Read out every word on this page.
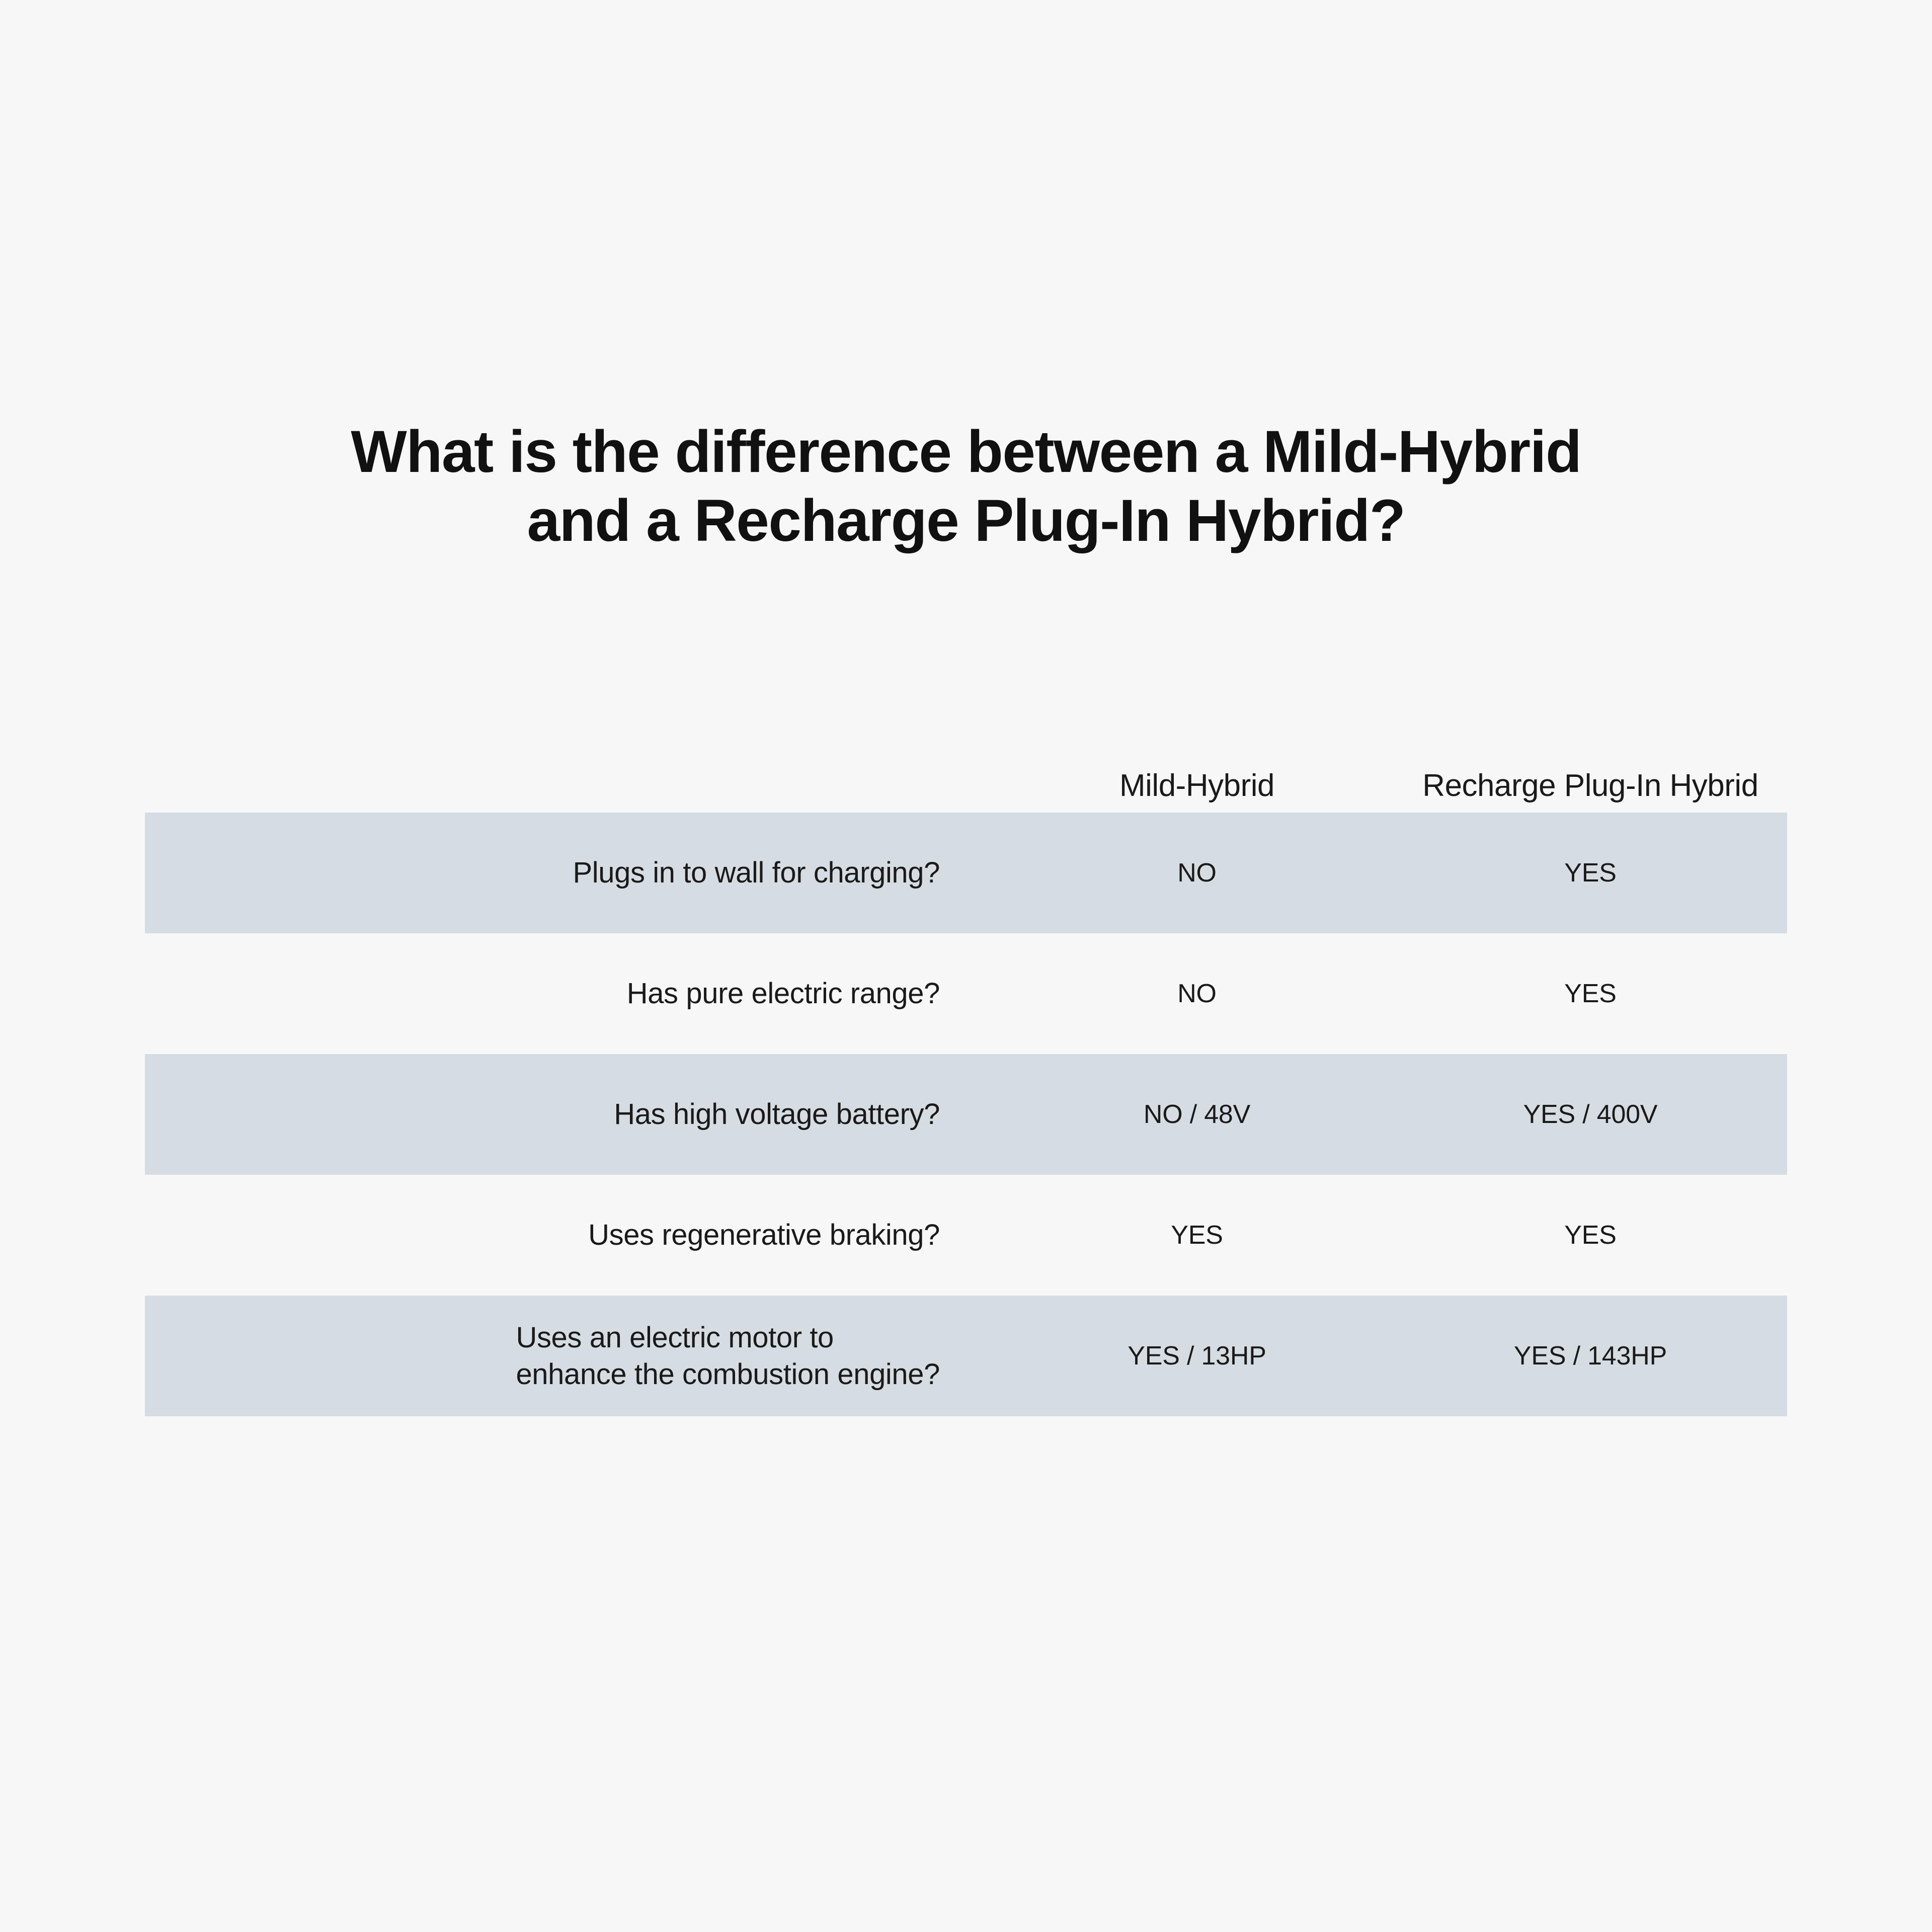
What is the difference between a Mild-Hybrid
and a Recharge Plug-In Hybrid?
Mild-Hybrid	Recharge Plug-In Hybrid
Plugs in to wall for charging?	NO	YES
Has pure electric range?	NO	YES
Has high voltage battery?	NO / 48V	YES / 400V
Uses regenerative braking?	YES	YES
Uses an electric motor to
enhance the combustion engine?
YES / 13HP	YES / 143HP
